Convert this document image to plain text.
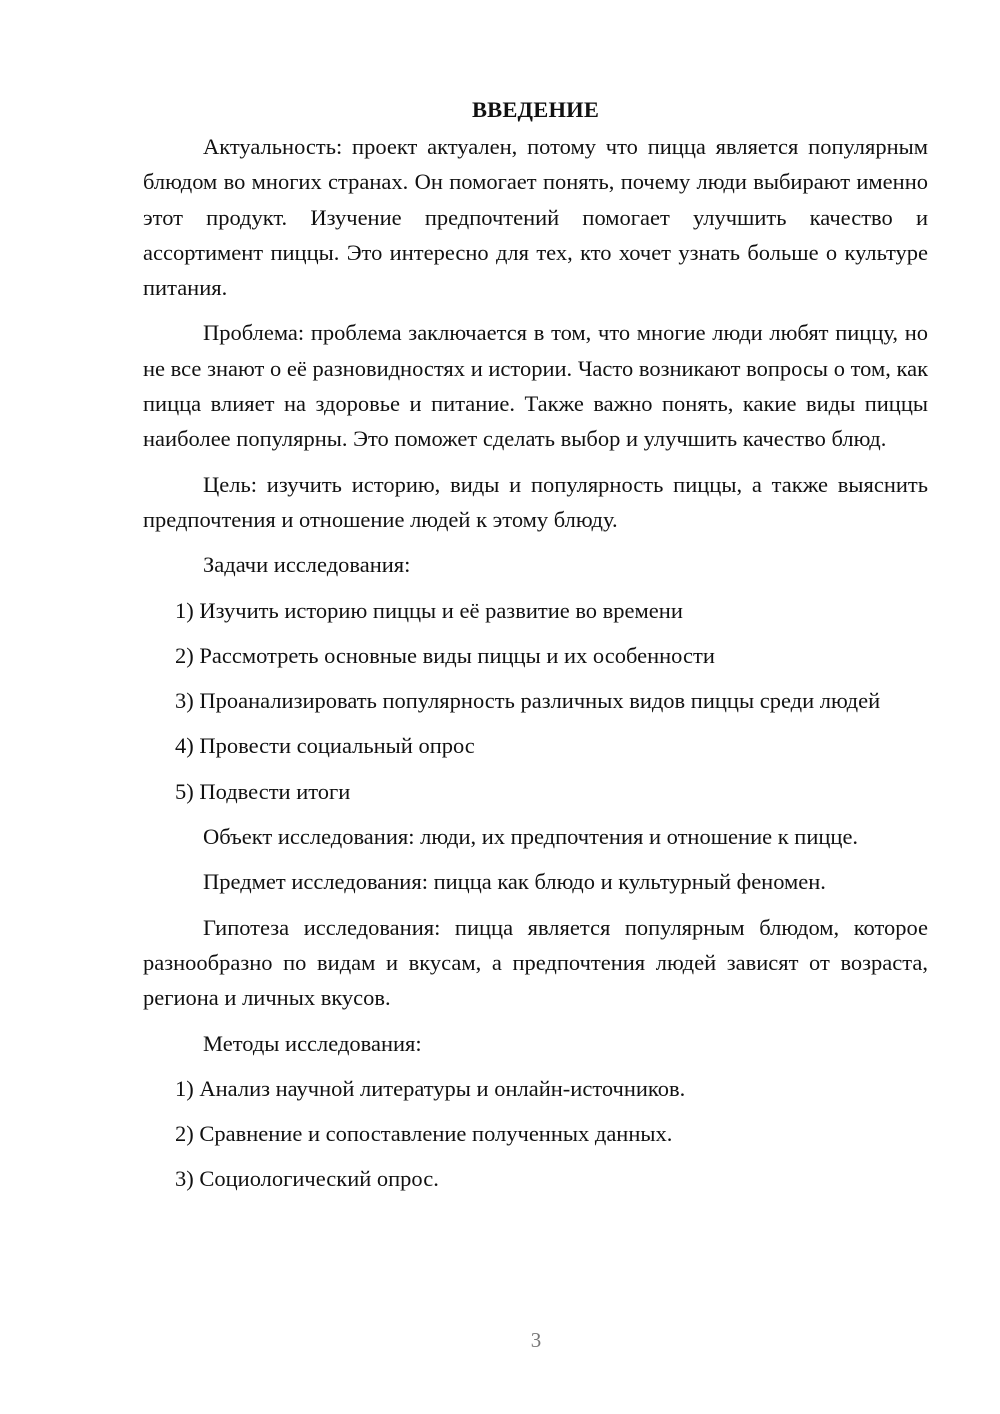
ВВЕДЕНИЕ

Актуальность: проект актуален, потому что пицца является популярным блюдом во многих странах. Он помогает понять, почему люди выбирают именно этот продукт. Изучение предпочтений помогает улучшить качество и ассортимент пиццы. Это интересно для тех, кто хочет узнать больше о культуре питания.

Проблема: проблема заключается в том, что многие люди любят пиццу, но не все знают о её разновидностях и истории. Часто возникают вопросы о том, как пицца влияет на здоровье и питание. Также важно понять, какие виды пиццы наиболее популярны. Это поможет сделать выбор и улучшить качество блюд.

Цель: изучить историю, виды и популярность пиццы, а также выяснить предпочтения и отношение людей к этому блюду.

Задачи исследования:

1) Изучить историю пиццы и её развитие во времени

2) Рассмотреть основные виды пиццы и их особенности

3) Проанализировать популярность различных видов пиццы среди людей

4) Провести социальный опрос

5) Подвести итоги

Объект исследования: люди, их предпочтения и отношение к пицце.

Предмет исследования: пицца как блюдо и культурный феномен.

Гипотеза исследования: пицца является популярным блюдом, которое разнообразно по видам и вкусам, а предпочтения людей зависят от возраста, региона и личных вкусов.

Методы исследования:

1) Анализ научной литературы и онлайн-источников.

2) Сравнение и сопоставление полученных данных.

3) Социологический опрос.

3
